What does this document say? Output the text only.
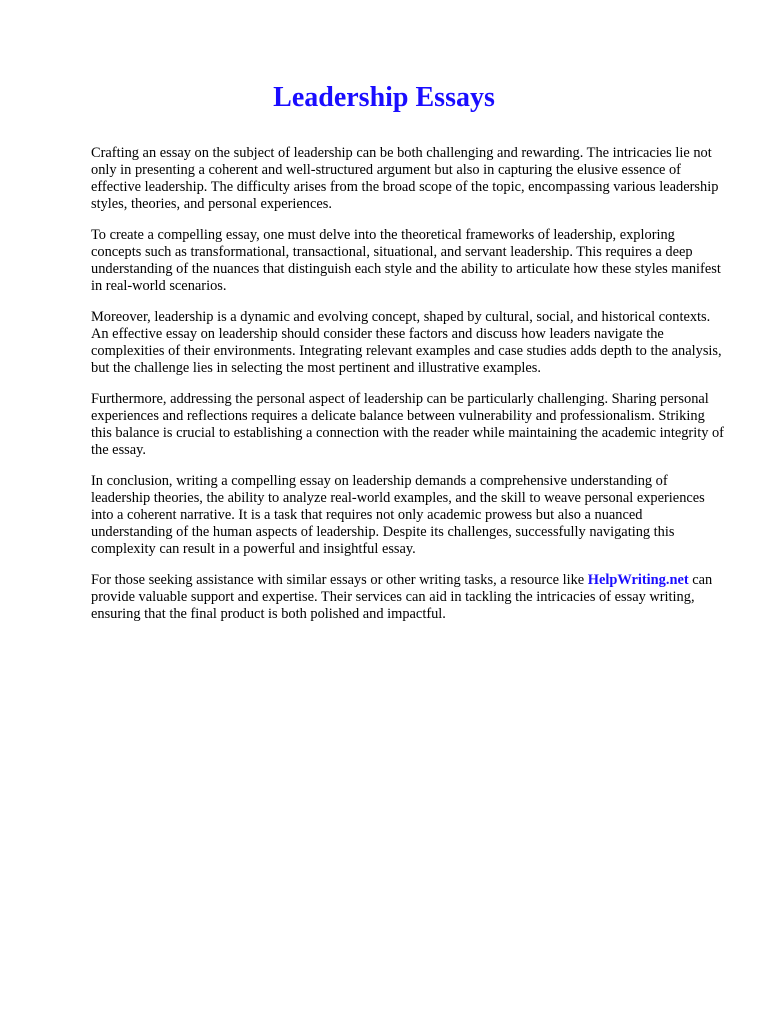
Leadership Essays

Crafting an essay on the subject of leadership can be both challenging and rewarding. The intricacies lie not only in presenting a coherent and well-structured argument but also in capturing the elusive essence of effective leadership. The difficulty arises from the broad scope of the topic, encompassing various leadership styles, theories, and personal experiences.

To create a compelling essay, one must delve into the theoretical frameworks of leadership, exploring concepts such as transformational, transactional, situational, and servant leadership. This requires a deep understanding of the nuances that distinguish each style and the ability to articulate how these styles manifest in real-world scenarios.

Moreover, leadership is a dynamic and evolving concept, shaped by cultural, social, and historical contexts. An effective essay on leadership should consider these factors and discuss how leaders navigate the complexities of their environments. Integrating relevant examples and case studies adds depth to the analysis, but the challenge lies in selecting the most pertinent and illustrative examples.

Furthermore, addressing the personal aspect of leadership can be particularly challenging. Sharing personal experiences and reflections requires a delicate balance between vulnerability and professionalism. Striking this balance is crucial to establishing a connection with the reader while maintaining the academic integrity of the essay.

In conclusion, writing a compelling essay on leadership demands a comprehensive understanding of leadership theories, the ability to analyze real-world examples, and the skill to weave personal experiences into a coherent narrative. It is a task that requires not only academic prowess but also a nuanced understanding of the human aspects of leadership. Despite its challenges, successfully navigating this complexity can result in a powerful and insightful essay.

For those seeking assistance with similar essays or other writing tasks, a resource like HelpWriting.net can provide valuable support and expertise. Their services can aid in tackling the intricacies of essay writing, ensuring that the final product is both polished and impactful.
